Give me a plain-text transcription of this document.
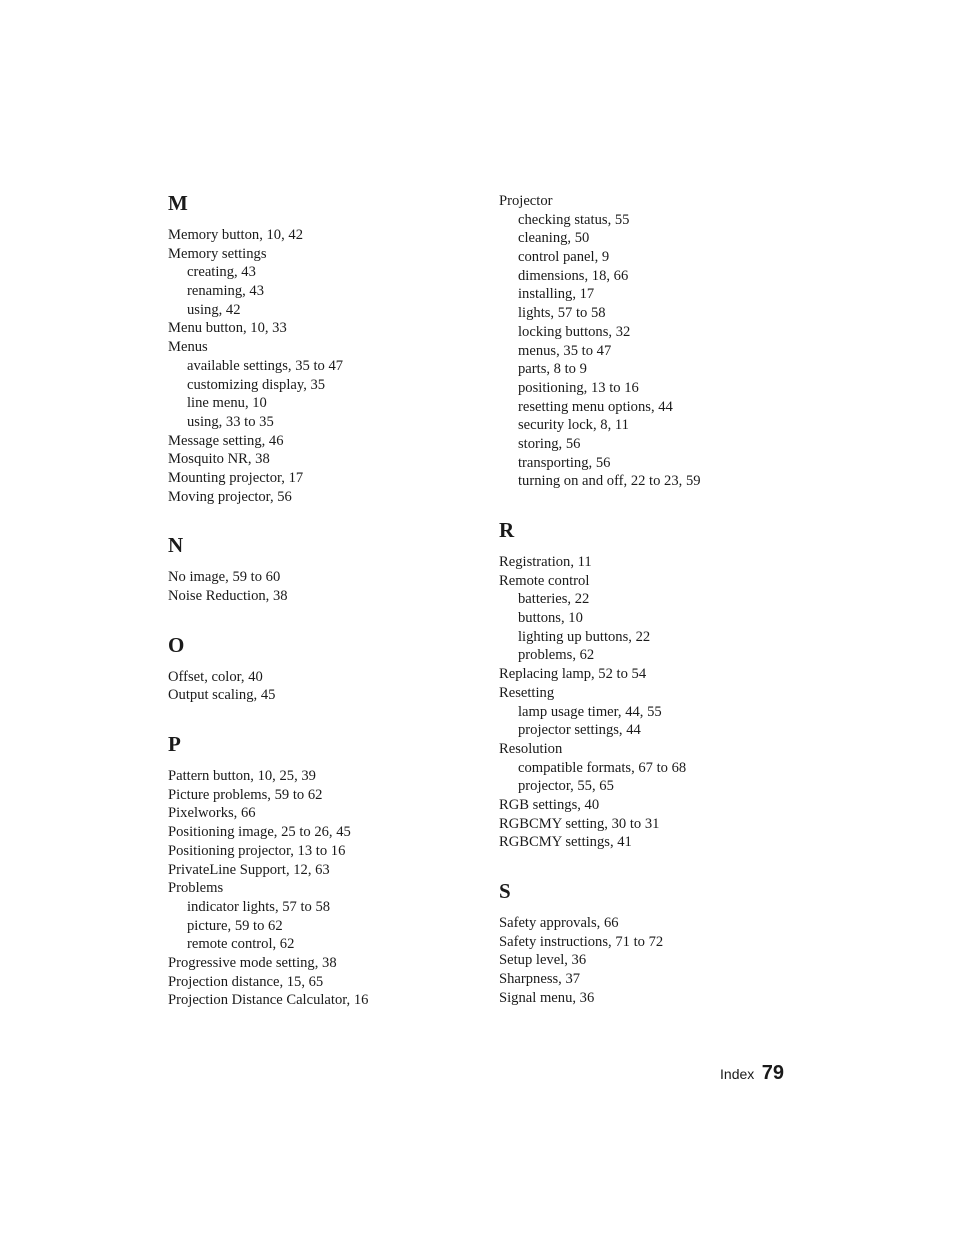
M
Memory button, 10, 42
Memory settings
creating, 43
renaming, 43
using, 42
Menu button, 10, 33
Menus
available settings, 35 to 47
customizing display, 35
line menu, 10
using, 33 to 35
Message setting, 46
Mosquito NR, 38
Mounting projector, 17
Moving projector, 56
N
No image, 59 to 60
Noise Reduction, 38
O
Offset, color, 40
Output scaling, 45
P
Pattern button, 10, 25, 39
Picture problems, 59 to 62
Pixelworks, 66
Positioning image, 25 to 26, 45
Positioning projector, 13 to 16
PrivateLine Support, 12, 63
Problems
indicator lights, 57 to 58
picture, 59 to 62
remote control, 62
Progressive mode setting, 38
Projection distance, 15, 65
Projection Distance Calculator, 16
Projector
checking status, 55
cleaning, 50
control panel, 9
dimensions, 18, 66
installing, 17
lights, 57 to 58
locking buttons, 32
menus, 35 to 47
parts, 8 to 9
positioning, 13 to 16
resetting menu options, 44
security lock, 8, 11
storing, 56
transporting, 56
turning on and off, 22 to 23, 59
R
Registration, 11
Remote control
batteries, 22
buttons, 10
lighting up buttons, 22
problems, 62
Replacing lamp, 52 to 54
Resetting
lamp usage timer, 44, 55
projector settings, 44
Resolution
compatible formats, 67 to 68
projector, 55, 65
RGB settings, 40
RGBCMY setting, 30 to 31
RGBCMY settings, 41
S
Safety approvals, 66
Safety instructions, 71 to 72
Setup level, 36
Sharpness, 37
Signal menu, 36
Index 79
